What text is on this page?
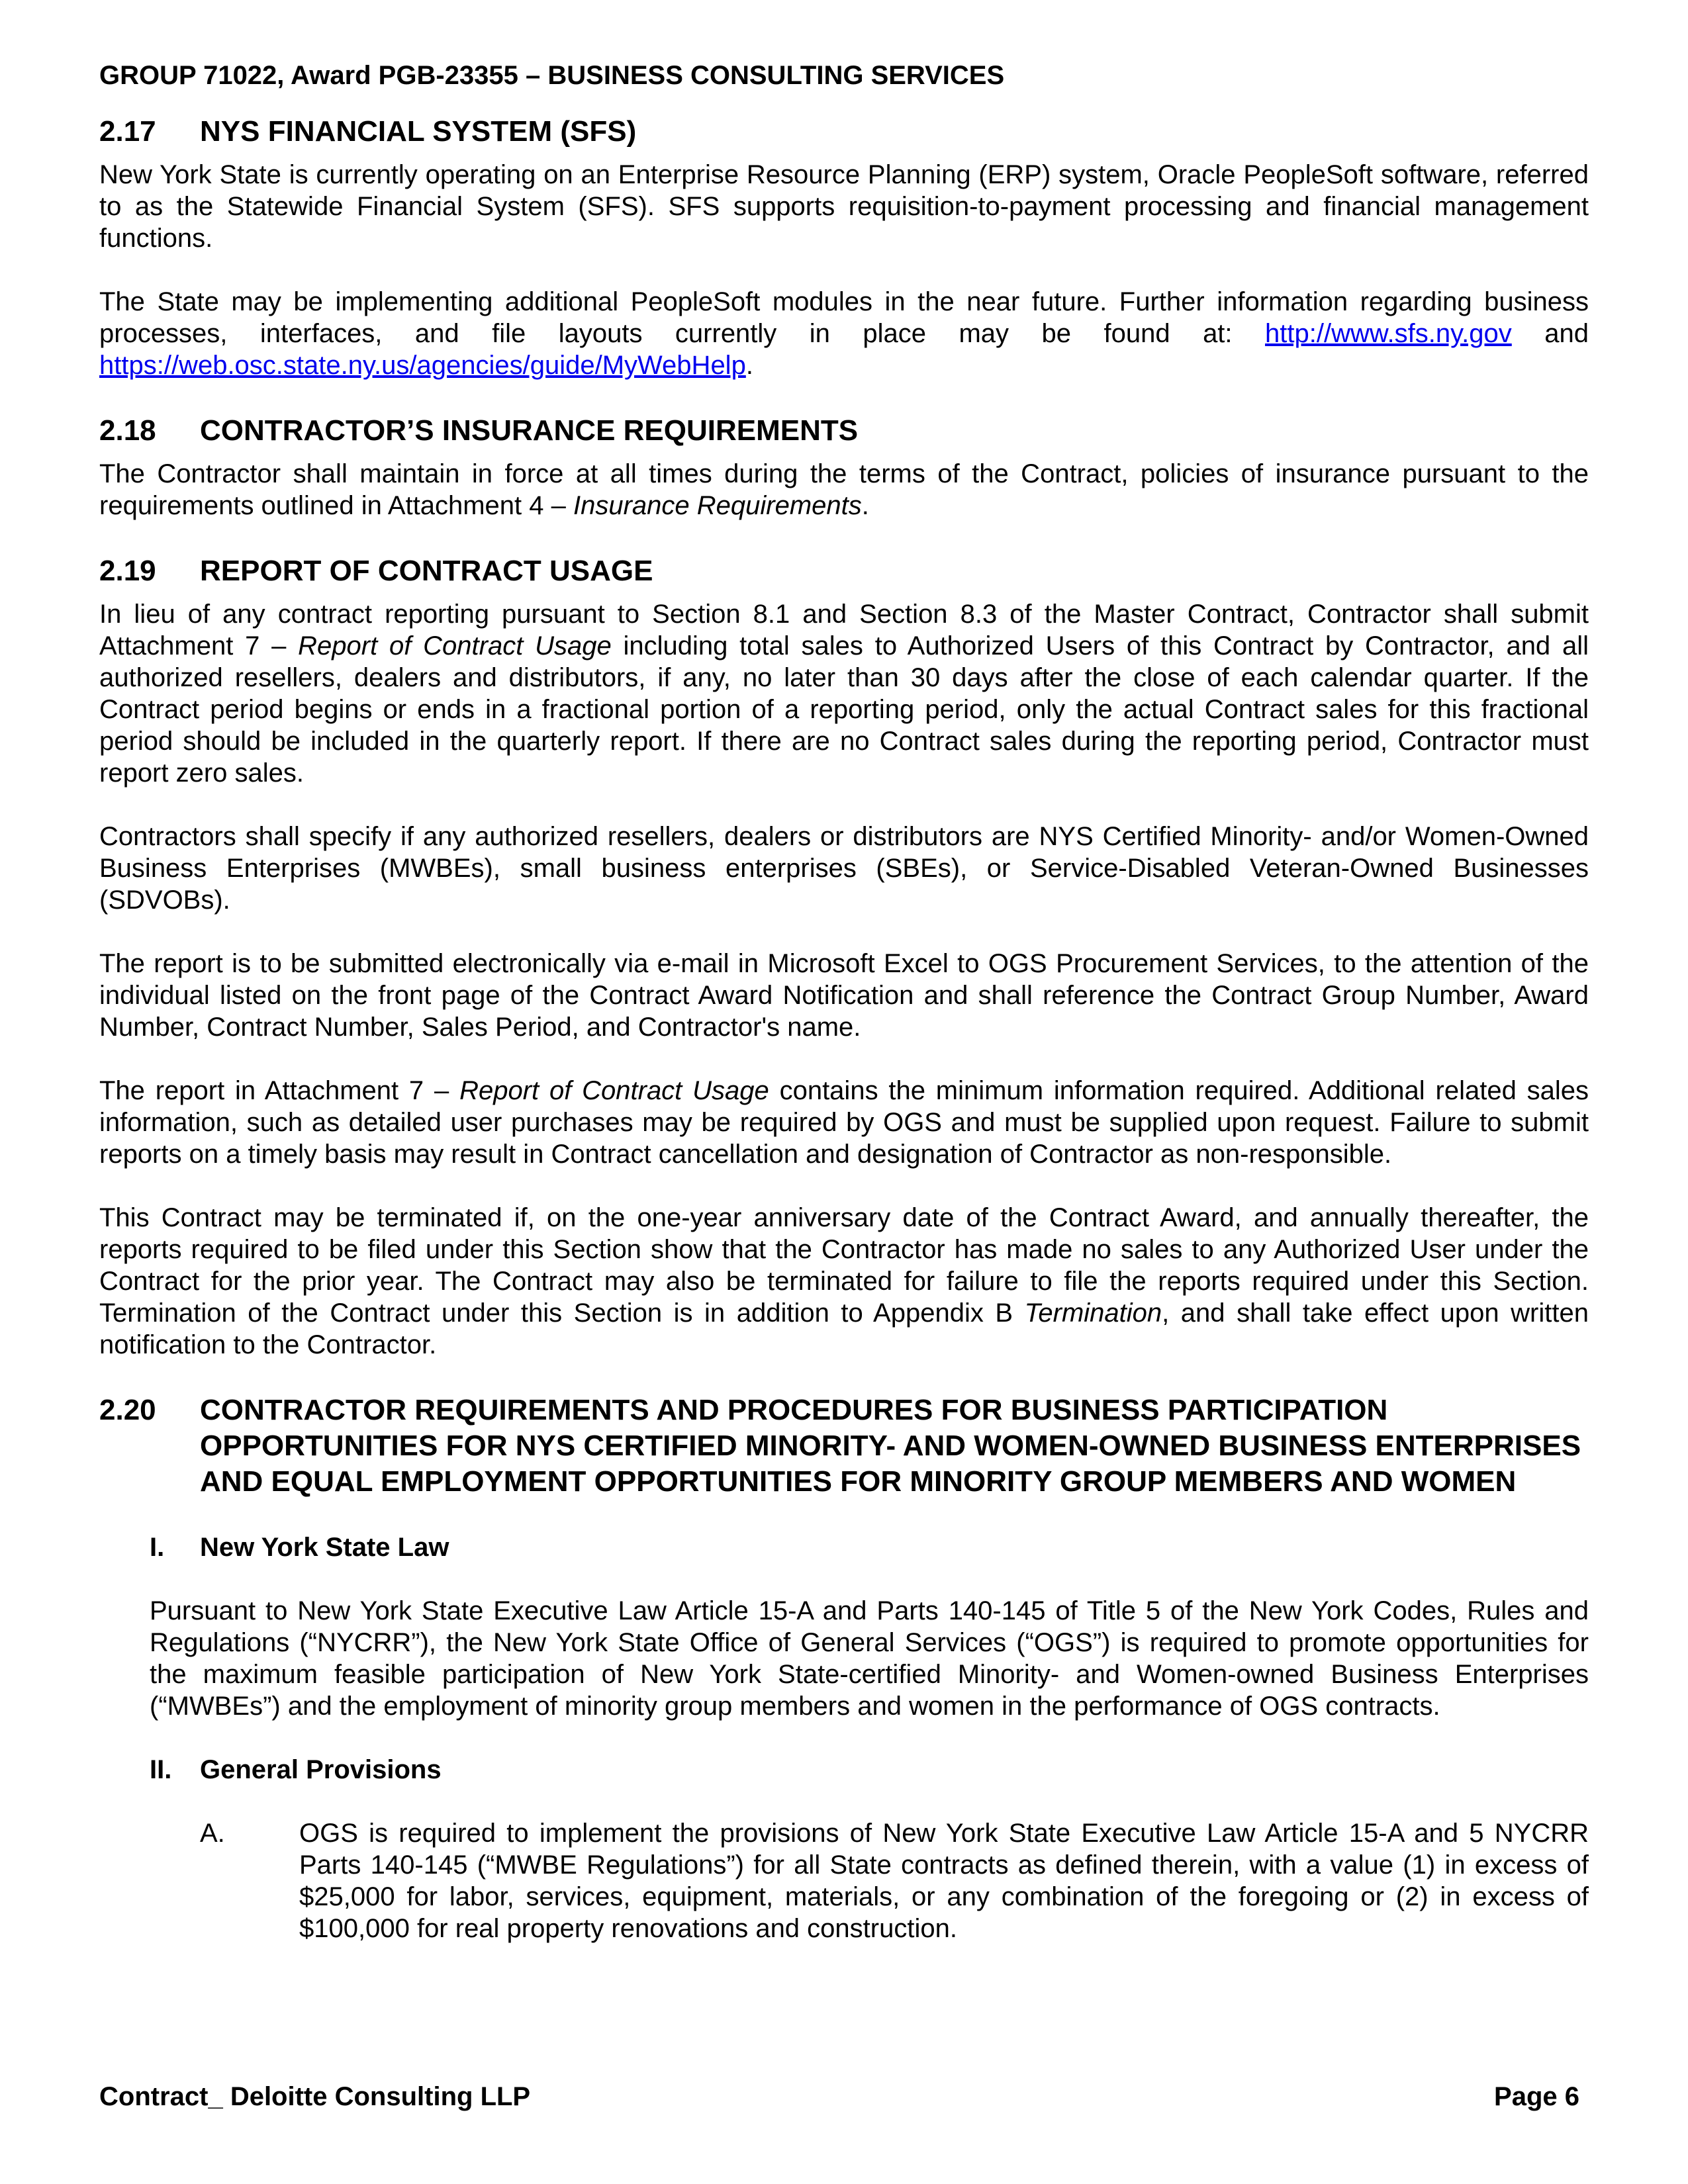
GROUP 71022, Award PGB-23355 – BUSINESS CONSULTING SERVICES
2.17	NYS FINANCIAL SYSTEM (SFS)

New York State is currently operating on an Enterprise Resource Planning (ERP) system, Oracle PeopleSoft software, referred to as the Statewide Financial System (SFS). SFS supports requisition-to-payment processing and financial management functions.

The State may be implementing additional PeopleSoft modules in the near future. Further information regarding business processes, interfaces, and file layouts currently in place may be found at: http://www.sfs.ny.gov and https://web.osc.state.ny.us/agencies/guide/MyWebHelp.

2.18	CONTRACTOR’S INSURANCE REQUIREMENTS

The Contractor shall maintain in force at all times during the terms of the Contract, policies of insurance pursuant to the requirements outlined in Attachment 4 – Insurance Requirements.

2.19	REPORT OF CONTRACT USAGE

In lieu of any contract reporting pursuant to Section 8.1 and Section 8.3 of the Master Contract, Contractor shall submit Attachment 7 – Report of Contract Usage including total sales to Authorized Users of this Contract by Contractor, and all authorized resellers, dealers and distributors, if any, no later than 30 days after the close of each calendar quarter. If the Contract period begins or ends in a fractional portion of a reporting period, only the actual Contract sales for this fractional period should be included in the quarterly report. If there are no Contract sales during the reporting period, Contractor must report zero sales.

Contractors shall specify if any authorized resellers, dealers or distributors are NYS Certified Minority- and/or Women-Owned Business Enterprises (MWBEs), small business enterprises (SBEs), or Service-Disabled Veteran-Owned Businesses (SDVOBs).

The report is to be submitted electronically via e-mail in Microsoft Excel to OGS Procurement Services, to the attention of the individual listed on the front page of the Contract Award Notification and shall reference the Contract Group Number, Award Number, Contract Number, Sales Period, and Contractor's name.

The report in Attachment 7 – Report of Contract Usage contains the minimum information required. Additional related sales information, such as detailed user purchases may be required by OGS and must be supplied upon request. Failure to submit reports on a timely basis may result in Contract cancellation and designation of Contractor as non-responsible.

This Contract may be terminated if, on the one-year anniversary date of the Contract Award, and annually thereafter, the reports required to be filed under this Section show that the Contractor has made no sales to any Authorized User under the Contract for the prior year. The Contract may also be terminated for failure to file the reports required under this Section. Termination of the Contract under this Section is in addition to Appendix B Termination, and shall take effect upon written notification to the Contractor.

2.20	CONTRACTOR REQUIREMENTS AND PROCEDURES FOR BUSINESS PARTICIPATION OPPORTUNITIES FOR NYS CERTIFIED MINORITY- AND WOMEN-OWNED BUSINESS ENTERPRISES AND EQUAL EMPLOYMENT OPPORTUNITIES FOR MINORITY GROUP MEMBERS AND WOMEN
I.	New York State Law

Pursuant to New York State Executive Law Article 15-A and Parts 140-145 of Title 5 of the New York Codes, Rules and Regulations (“NYCRR”), the New York State Office of General Services (“OGS”) is required to promote opportunities for the maximum feasible participation of New York State-certified Minority- and Women-owned Business Enterprises (“MWBEs”) and the employment of minority group members and women in the performance of OGS contracts.

II.	General Provisions
A.	OGS is required to implement the provisions of New York State Executive Law Article 15-A and 5 NYCRR Parts 140-145 (“MWBE Regulations”) for all State contracts as defined therein, with a value (1) in excess of $25,000 for labor, services, equipment, materials, or any combination of the foregoing or (2) in excess of $100,000 for real property renovations and construction.
Contract_ Deloitte Consulting LLP	Page 6
